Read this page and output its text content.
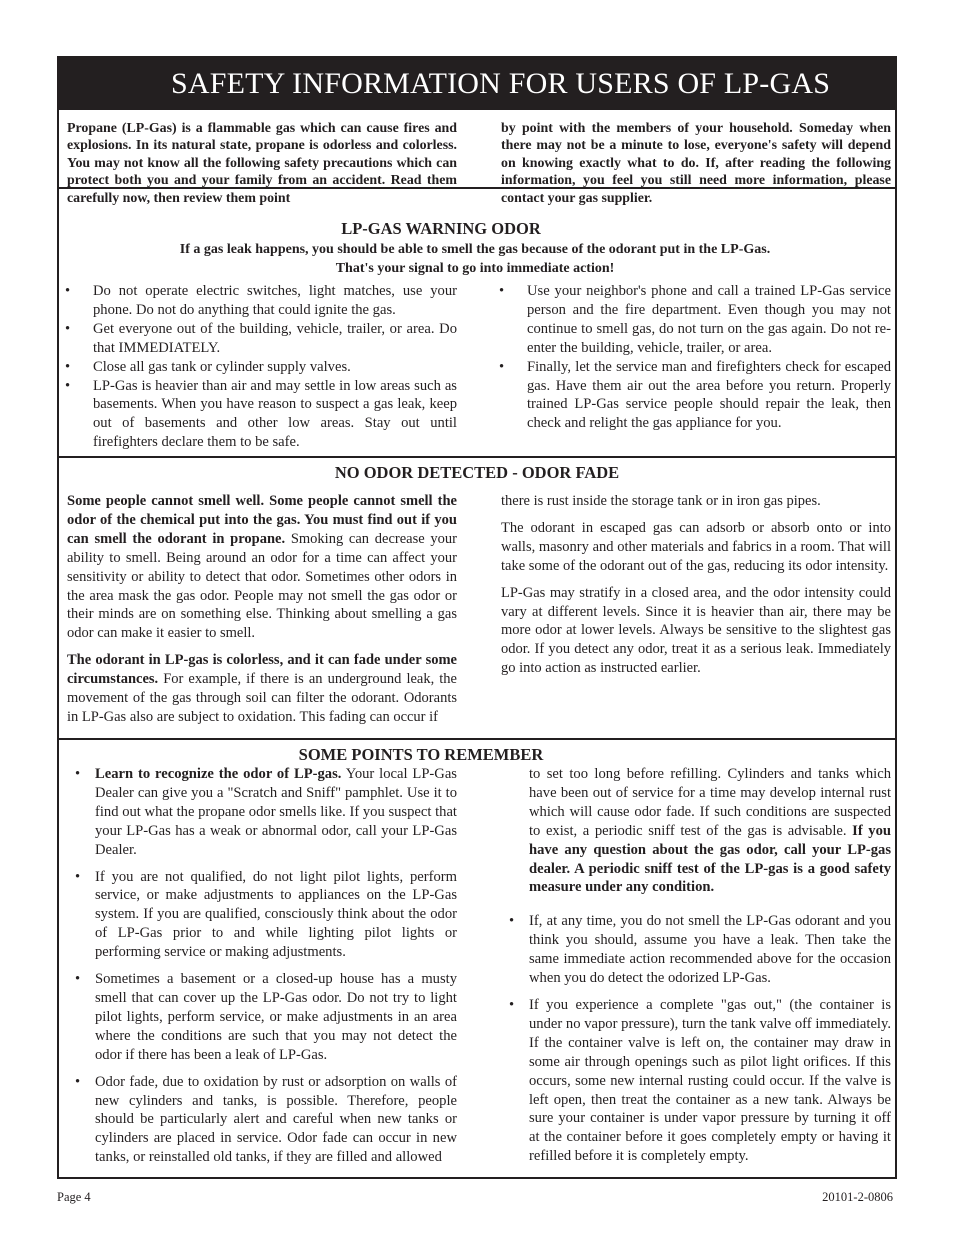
SAFETY INFORMATION FOR USERS OF LP-GAS
Propane (LP-Gas) is a flammable gas which can cause fires and explosions. In its natural state, propane is odorless and colorless. You may not know all the following safety precautions which can protect both you and your family from an accident. Read them carefully now, then review them point
by point with the members of your household. Someday when there may not be a minute to lose, everyone's safety will depend on knowing exactly what to do. If, after reading the following information, you feel you still need more information, please contact your gas supplier.
LP-GAS WARNING ODOR
If a gas leak happens, you should be able to smell the gas because of the odorant put in the LP-Gas.
That's your signal to go into immediate action!
• Do not operate electric switches, light matches, use your phone. Do not do anything that could ignite the gas.
• Get everyone out of the building, vehicle, trailer, or area. Do that IMMEDIATELY.
• Close all gas tank or cylinder supply valves.
• LP-Gas is heavier than air and may settle in low areas such as basements. When you have reason to suspect a gas leak, keep out of basements and other low areas. Stay out until firefighters declare them to be safe.
• Use your neighbor's phone and call a trained LP-Gas service person and the fire department. Even though you may not continue to smell gas, do not turn on the gas again. Do not re-enter the building, vehicle, trailer, or area.
• Finally, let the service man and firefighters check for escaped gas. Have them air out the area before you return. Properly trained LP-Gas service people should repair the leak, then check and relight the gas appliance for you.
NO ODOR DETECTED - ODOR FADE

Some people cannot smell well. Some people cannot smell the odor of the chemical put into the gas. You must find out if you can smell the odorant in propane. Smoking can decrease your ability to smell. Being around an odor for a time can affect your sensitivity or ability to detect that odor. Sometimes other odors in the area mask the gas odor. People may not smell the gas odor or their minds are on something else. Thinking about smelling a gas odor can make it easier to smell.

The odorant in LP-gas is colorless, and it can fade under some circumstances. For example, if there is an underground leak, the movement of the gas through soil can filter the odorant. Odorants in LP-Gas also are subject to oxidation. This fading can occur if

there is rust inside the storage tank or in iron gas pipes.

The odorant in escaped gas can adsorb or absorb onto or into walls, masonry and other materials and fabrics in a room. That will take some of the odorant out of the gas, reducing its odor intensity.

LP-Gas may stratify in a closed area, and the odor intensity could vary at different levels. Since it is heavier than air, there may be more odor at lower levels. Always be sensitive to the slightest gas odor. If you detect any odor, treat it as a serious leak. Immediately go into action as instructed earlier.

SOME POINTS TO REMEMBER
• Learn to recognize the odor of LP-gas. Your local LP-Gas Dealer can give you a "Scratch and Sniff" pamphlet. Use it to find out what the propane odor smells like. If you suspect that your LP-Gas has a weak or abnormal odor, call your LP-Gas Dealer.
• If you are not qualified, do not light pilot lights, perform service, or make adjustments to appliances on the LP-Gas system. If you are qualified, consciously think about the odor of LP-Gas prior to and while lighting pilot lights or performing service or making adjustments.
• Sometimes a basement or a closed-up house has a musty smell that can cover up the LP-Gas odor. Do not try to light pilot lights, perform service, or make adjustments in an area where the conditions are such that you may not detect the odor if there has been a leak of LP-Gas.
• Odor fade, due to oxidation by rust or adsorption on walls of new cylinders and tanks, is possible. Therefore, people should be particularly alert and careful when new tanks or cylinders are placed in service. Odor fade can occur in new tanks, or reinstalled old tanks, if they are filled and allowed

to set too long before refilling. Cylinders and tanks which have been out of service for a time may develop internal rust which will cause odor fade. If such conditions are suspected to exist, a periodic sniff test of the gas is advisable. If you have any question about the gas odor, call your LP-gas dealer. A periodic sniff test of the LP-gas is a good safety measure under any condition.

• If, at any time, you do not smell the LP-Gas odorant and you think you should, assume you have a leak. Then take the same immediate action recommended above for the occasion when you do detect the odorized LP-Gas.
• If you experience a complete "gas out," (the container is under no vapor pressure), turn the tank valve off immediately. If the container valve is left on, the container may draw in some air through openings such as pilot light orifices. If this occurs, some new internal rusting could occur. If the valve is left open, then treat the container as a new tank. Always be sure your container is under vapor pressure by turning it off at the container before it goes completely empty or having it refilled before it is completely empty.
Page 4	20101-2-0806
